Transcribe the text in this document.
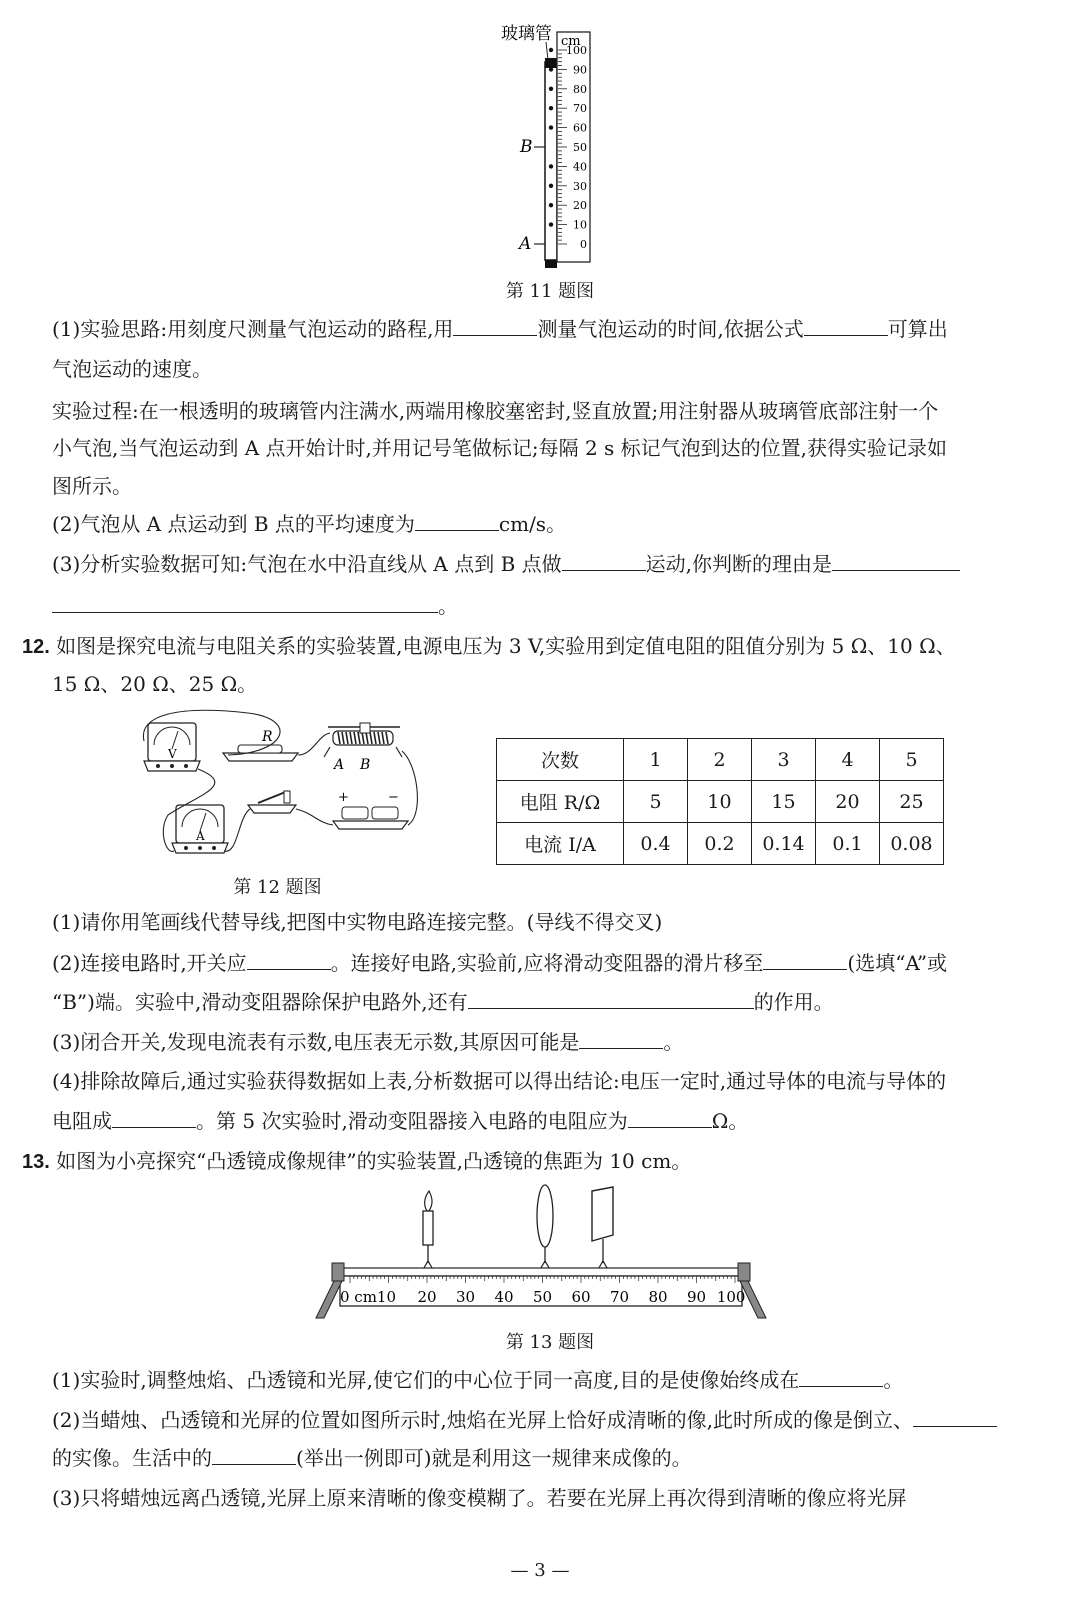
玻璃管 cm
100
90
80
70
60
50
40
30
20
10
0
B
A
第 11 题图
(1)实验思路:用刻度尺测量气泡运动的路程,用	测量气泡运动的时间,依据公式	可算出
气泡运动的速度。
实验过程:在一根透明的玻璃管内注满水,两端用橡胶塞密封,竖直放置;用注射器从玻璃管底部注射一个
小气泡,当气泡运动到 A 点开始计时,并用记号笔做标记;每隔 2 s 标记气泡到达的位置,获得实验记录如
图所示。
(2)气泡从 A 点运动到 B 点的平均速度为	cm/s。
(3)分析实验数据可知:气泡在水中沿直线从 A 点到 B 点做	运动,你判断的理由是
。
12. 如图是探究电流与电阻关系的实验装置,电源电压为 3 V,实验用到定值电阻的阻值分别为 5 Ω、10 Ω、
15 Ω、20 Ω、25 Ω。
V
R
A B
+	−
A
第 12 题图
次数	1	2	3	4	5
电阻 R/Ω	5	10	15	20	25
电流 I/A	0.4	0.2	0.14	0.1	0.08
(1)请你用笔画线代替导线,把图中实物电路连接完整。(导线不得交叉)
(2)连接电路时,开关应	。连接好电路,实验前,应将滑动变阻器的滑片移至	(选填“A”或
“B”)端。实验中,滑动变阻器除保护电路外,还有	的作用。
(3)闭合开关,发现电流表有示数,电压表无示数,其原因可能是	。
(4)排除故障后,通过实验获得数据如上表,分析数据可以得出结论:电压一定时,通过导体的电流与导体的
电阻成	。第 5 次实验时,滑动变阻器接入电路的电阻应为	Ω。
13. 如图为小亮探究“凸透镜成像规律”的实验装置,凸透镜的焦距为 10 cm。
0 cm10 20 30 40 50 60 70 80 90 100
第 13 题图
(1)实验时,调整烛焰、凸透镜和光屏,使它们的中心位于同一高度,目的是使像始终成在	。
(2)当蜡烛、凸透镜和光屏的位置如图所示时,烛焰在光屏上恰好成清晰的像,此时所成的像是倒立、
的实像。生活中的	(举出一例即可)就是利用这一规律来成像的。
(3)只将蜡烛远离凸透镜,光屏上原来清晰的像变模糊了。若要在光屏上再次得到清晰的像应将光屏
— 3 —
